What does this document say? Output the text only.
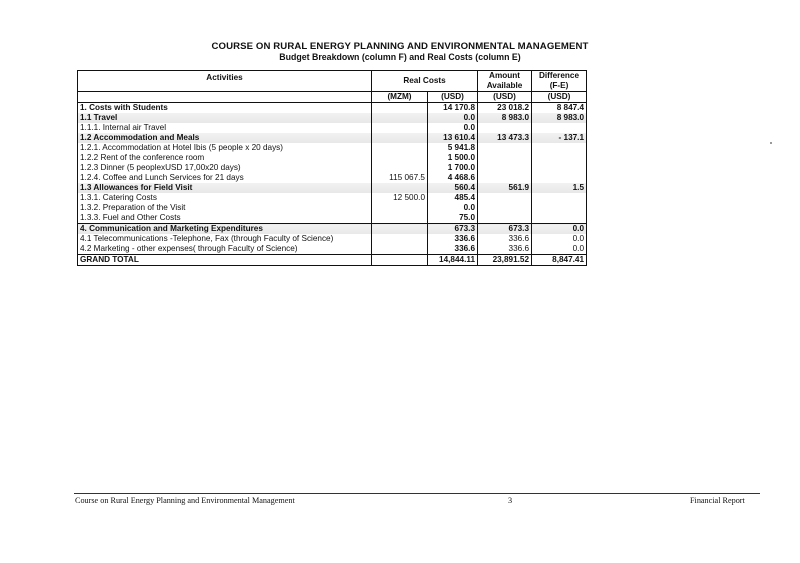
COURSE ON RURAL ENERGY PLANNING AND ENVIRONMENTAL MANAGEMENT
Budget Breakdown (column F) and Real Costs (column E)
Activities	Real Costs		Amount Available	Difference (F-E)
	(MZM)	(USD)	(USD)	(USD)
1. Costs with Students		14 170.8	23 018.2	8 847.4
1.1 Travel		0.0	8 983.0	8 983.0
1.1.1. Internal air Travel		0.0		
1.2 Accommodation and Meals		13 610.4	13 473.3	- 137.1
1.2.1. Accommodation at Hotel Ibis (5 people x 20 days)		5 941.8		
1.2.2 Rent of the conference room		1 500.0		
1.2.3 Dinner (5 peoplexUSD 17,00x20 days)		1 700.0		
1.2.4. Coffee and Lunch Services for 21 days	115 067.5	4 468.6		
1.3 Allowances for Field Visit		560.4	561.9	1.5
1.3.1. Catering Costs	12 500.0	485.4		
1.3.2. Preparation of the Visit		0.0		
1.3.3. Fuel and Other Costs		75.0		
4. Communication and Marketing Expenditures		673.3	673.3	0.0
4.1 Telecommunications -Telephone, Fax (through Faculty of Science)		336.6	336.6	0.0
4.2 Marketing - other expenses( through Faculty of Science)		336.6	336.6	0.0
GRAND TOTAL		14,844.11	23,891.52	8,847.41
Course on Rural Energy Planning and Environmental Management	3	Financial Report
